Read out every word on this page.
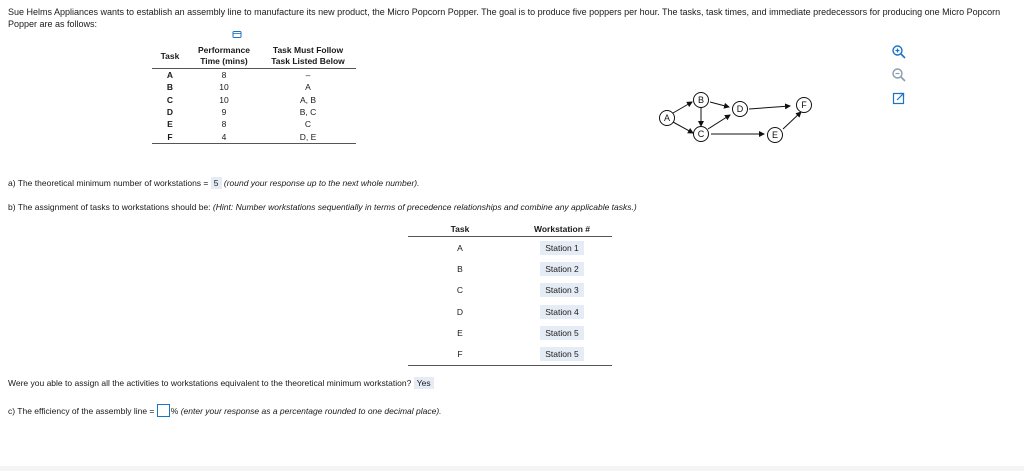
Sue Helms Appliances wants to establish an assembly line to manufacture its new product, the Micro Popcorn Popper. The goal is to produce five poppers per hour. The tasks, task times, and immediate predecessors for producing one Micro Popcorn Popper are as follows:
Task	Performance Time (mins)	Task Must Follow Task Listed Below
A	8	–
B	10	A
C	10	A, B
D	9	B, C
E	8	C
F	4	D, E
A
B
C
D
E
F
a) The theoretical minimum number of workstations = 5 (round your response up to the next whole number).
b) The assignment of tasks to workstations should be: (Hint: Number workstations sequentially in terms of precedence relationships and combine any applicable tasks.)
Task	Workstation #
A	Station 1
B	Station 2
C	Station 3
D	Station 4
E	Station 5
F	Station 5
Were you able to assign all the activities to workstations equivalent to the theoretical minimum workstation? Yes
c) The efficiency of the assembly line = % (enter your response as a percentage rounded to one decimal place).
